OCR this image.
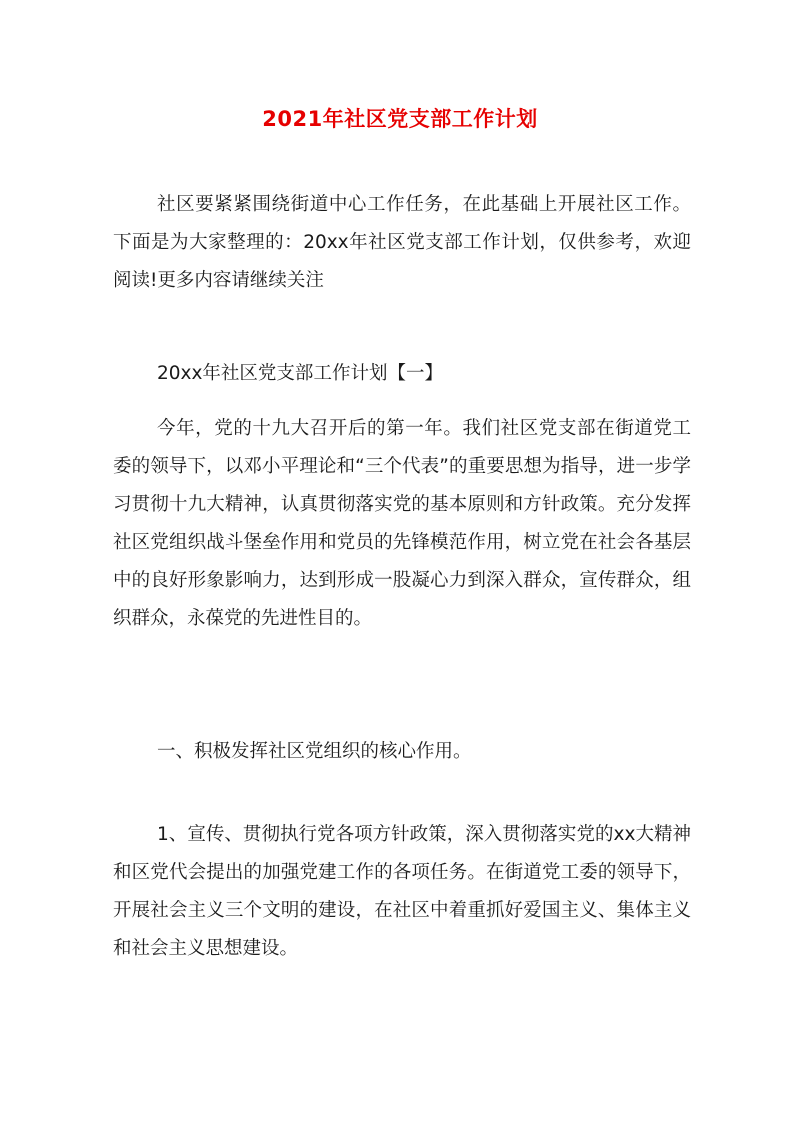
2021年社区党支部工作计划

社区要紧紧围绕街道中心工作任务，在此基础上开展社区工作。下面是为大家整理的：20xx年社区党支部工作计划，仅供参考，欢迎阅读!更多内容请继续关注

20xx年社区党支部工作计划【一】

今年，党的十九大召开后的第一年。我们社区党支部在街道党工委的领导下，以邓小平理论和“三个代表”的重要思想为指导，进一步学习贯彻十九大精神，认真贯彻落实党的基本原则和方针政策。充分发挥社区党组织战斗堡垒作用和党员的先锋模范作用，树立党在社会各基层中的良好形象影响力，达到形成一股凝心力到深入群众，宣传群众，组织群众，永葆党的先进性目的。

一、积极发挥社区党组织的核心作用。

1、宣传、贯彻执行党各项方针政策，深入贯彻落实党的xx大精神和区党代会提出的加强党建工作的各项任务。在街道党工委的领导下，开展社会主义三个文明的建设，在社区中着重抓好爱国主义、集体主义和社会主义思想建设。
